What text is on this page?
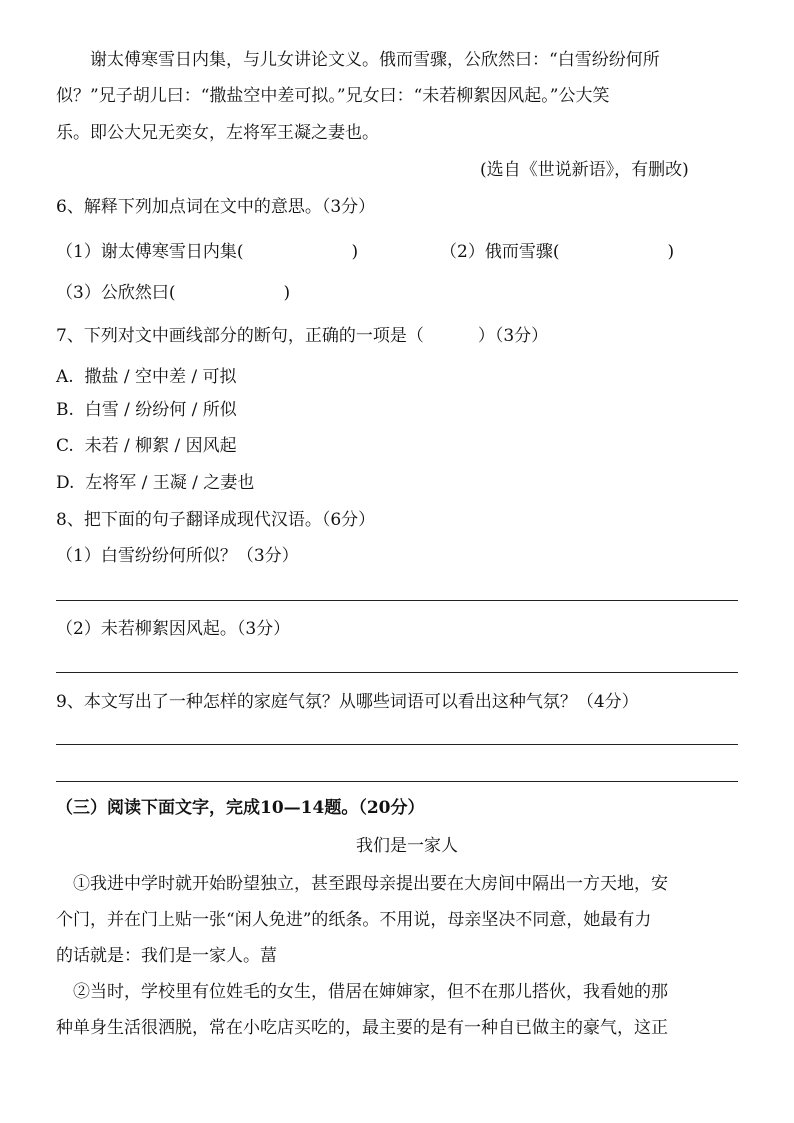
谢太傅寒雪日内集，与儿女讲论文义。俄而雪骤，公欣然曰：“白雪纷纷何所
似？”兄子胡儿曰：“撒盐空中差可拟。”兄女曰：“未若柳絮因风起。”公大笑
乐。即公大兄无奕女，左将军王凝之妻也。
(选自《世说新语》，有删改)
6、解释下列加点词在文中的意思。（3分）
（1）谢太傅寒雪日内集(                    )	（2）俄而雪骤(                    )
（3）公欣然曰(                    )
7、下列对文中画线部分的断句，正确的一项是（          ）（3分）
A.  撒盐 / 空中差 / 可拟
B.  白雪 / 纷纷何 / 所似
C.  未若 / 柳絮 / 因风起
D.  左将军 / 王凝 / 之妻也
8、把下面的句子翻译成现代汉语。（6分）
（1）白雪纷纷何所似？（3分）
（2）未若柳絮因风起。（3分）
9、本文写出了一种怎样的家庭气氛？从哪些词语可以看出这种气氛？（4分）
（三）阅读下面文字，完成10—14题。（20分）
我们是一家人
①我进中学时就开始盼望独立，甚至跟母亲提出要在大房间中隔出一方天地，安
个门，并在门上贴一张“闲人免进”的纸条。不用说，母亲坚决不同意，她最有力
的话就是：我们是一家人。葍
②当时，学校里有位姓毛的女生，借居在婶婶家，但不在那儿搭伙，我看她的那
种单身生活很洒脱，常在小吃店买吃的，最主要的是有一种自已做主的豪气，这正
